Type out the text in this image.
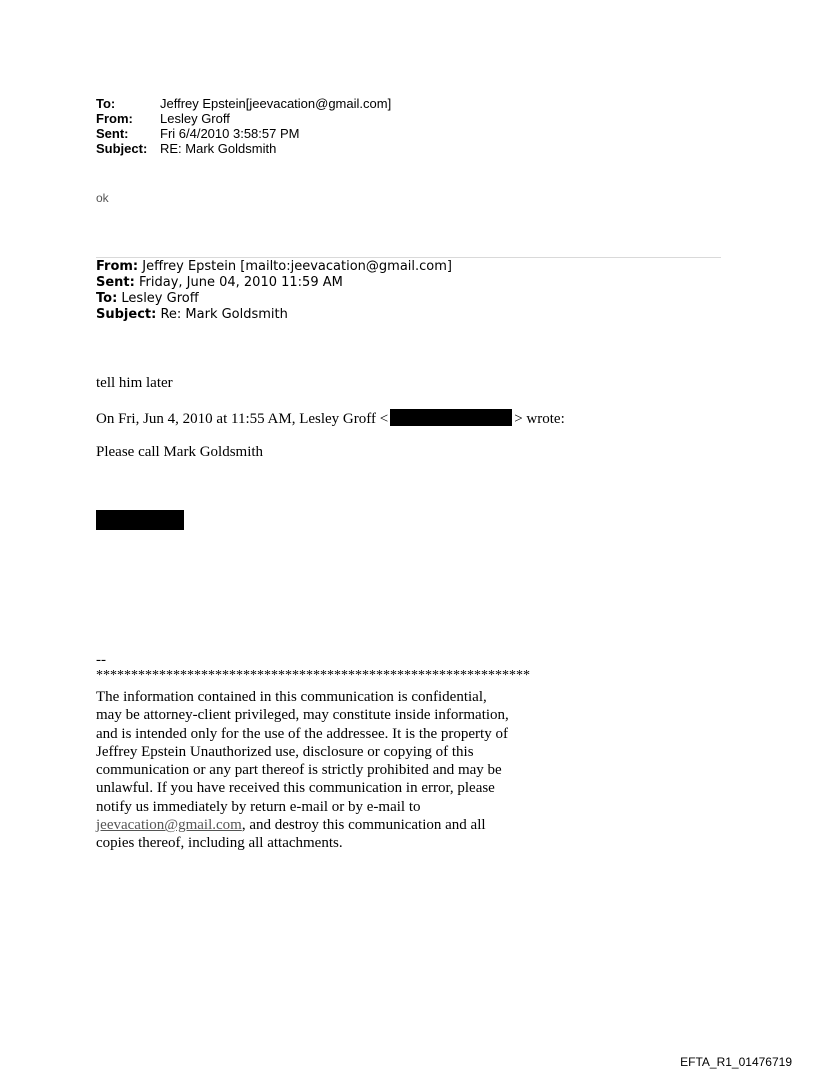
To:	Jeffrey Epstein[jeevacation@gmail.com]
From:	Lesley Groff
Sent:	Fri 6/4/2010 3:58:57 PM
Subject: RE: Mark Goldsmith
ok
From: Jeffrey Epstein [mailto:jeevacation@gmail.com]
Sent: Friday, June 04, 2010 11:59 AM
To: Lesley Groff
Subject: Re: Mark Goldsmith
tell him later
On Fri, Jun 4, 2010 at 11:55 AM, Lesley Groff <	> wrote:
Please call Mark Goldsmith
--
**************************************************************
The information contained in this communication is confidential, may be attorney-client privileged, may constitute inside information, and is intended only for the use of the addressee. It is the property of Jeffrey Epstein Unauthorized use, disclosure or copying of this communication or any part thereof is strictly prohibited and may be unlawful. If you have received this communication in error, please notify us immediately by return e-mail or by e-mail to jeevacation@gmail.com, and destroy this communication and all copies thereof, including all attachments.
EFTA_R1_01476719
